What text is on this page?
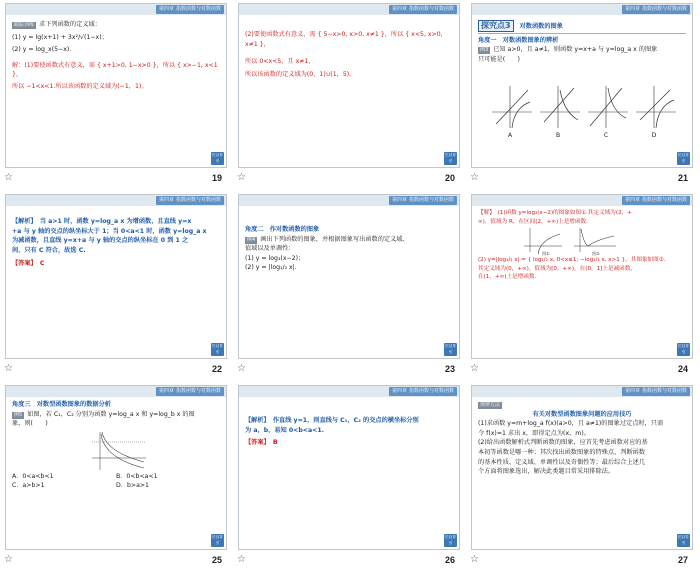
第四章 指数函数与对数函数
跟踪训练 求下列函数的定义域：
(1) y = lg(x+1) + 3x²/√(1−x)；
(2) y = log_x(5−x).
解：(1)要使函数式有意义，需 { x+1>0, 1−x>0 }，所以 { x>−1, x<1 }，
所以 −1<x<1.所以该函数的定义域为(−1，1)。
栏目导引
☆	19
第四章 指数函数与对数函数
(2)要使函数式有意义，需 { 5−x>0, x>0, x≠1 }，所以 { x<5, x>0, x≠1 }，
所以 0<x<5，且 x≠1，
所以该函数的定义域为(0，1)∪(1，5)。
栏目导引
☆	20
第四章 指数函数与对数函数
探究点3 对数函数的图象
角度一　对数函数图象的辨析
例3 已知 a>0，且 a≠1，则函数 y=x+a 与 y=log_a x 的图象
只可能是(　　)
A	B	C	D
栏目导引
☆	21
第四章 指数函数与对数函数
【解析】　当 a>1 时，函数 y=log_a x 为增函数，且直线 y=x
+a 与 y 轴的交点的纵坐标大于 1；当 0<a<1 时，函数 y=log_a x
为减函数，且直线 y=x+a 与 y 轴的交点的纵坐标在 0 到 1 之
间，只有 C 符合，故选 C.
【答案】　C
栏目导引
☆	22
第四章 指数函数与对数函数
角度二　作对数函数的图象
例4 画出下列函数的图象，并根据图象写出函数的定义域、
值域以及单调性：
(1) y = log₃(x−2)；
(2) y = |log₁/₂ x|.
栏目导引
☆	23
第四章 指数函数与对数函数
【解】　(1)函数 y=log₃(x−2)的图象如图①.其定义域为(2，+
∞)，值域为 R，在区间(2，+∞)上是增函数.
图①	图②
(2) y=|log₁/₂ x| = { log₁/₂ x, 0<x≤1; −log₁/₂ x, x>1 }，其图象如图②.
其定义域为(0，+∞)，值域为[0，+∞)，在(0，1]上是减函数，
在(1，+∞)上是增函数.
栏目导引
☆	24
第四章 指数函数与对数函数
角度三　对数型函数图象的数据分析
例5 如图，若 C₁，C₂ 分别为函数 y=log_a x 和 y=log_b x 的图
象，则(　　)
A．0<a<b<1	B．0<b<a<1
C．a>b>1	D．b>a>1
栏目导引
☆	25
第四章 指数函数与对数函数
【解析】　作直线 y=1，则直线与 C₁，C₂ 的交点的横坐标分别
为 a，b，易知 0<b<a<1.
【答案】　B
栏目导引
☆	26
第四章 指数函数与对数函数
规律方法
有关对数型函数图象问题的应用技巧
(1)求函数 y=m+log_a f(x)(a>0，且 a≠1)的图象过定点时，只需
令 f(x)=1 求出 x，即得定点为(x，m)。
(2)给出函数解析式判断函数的图象，应首先考虑函数对应的基
本初等函数是哪一种；其次找出函数图象的特殊点，判断函数
的基本性质、定义域、单调性以及奇偶性等；最后综合上述几
个方面将图象选出，解决此类题目常采用排除法。
栏目导引
☆	27
